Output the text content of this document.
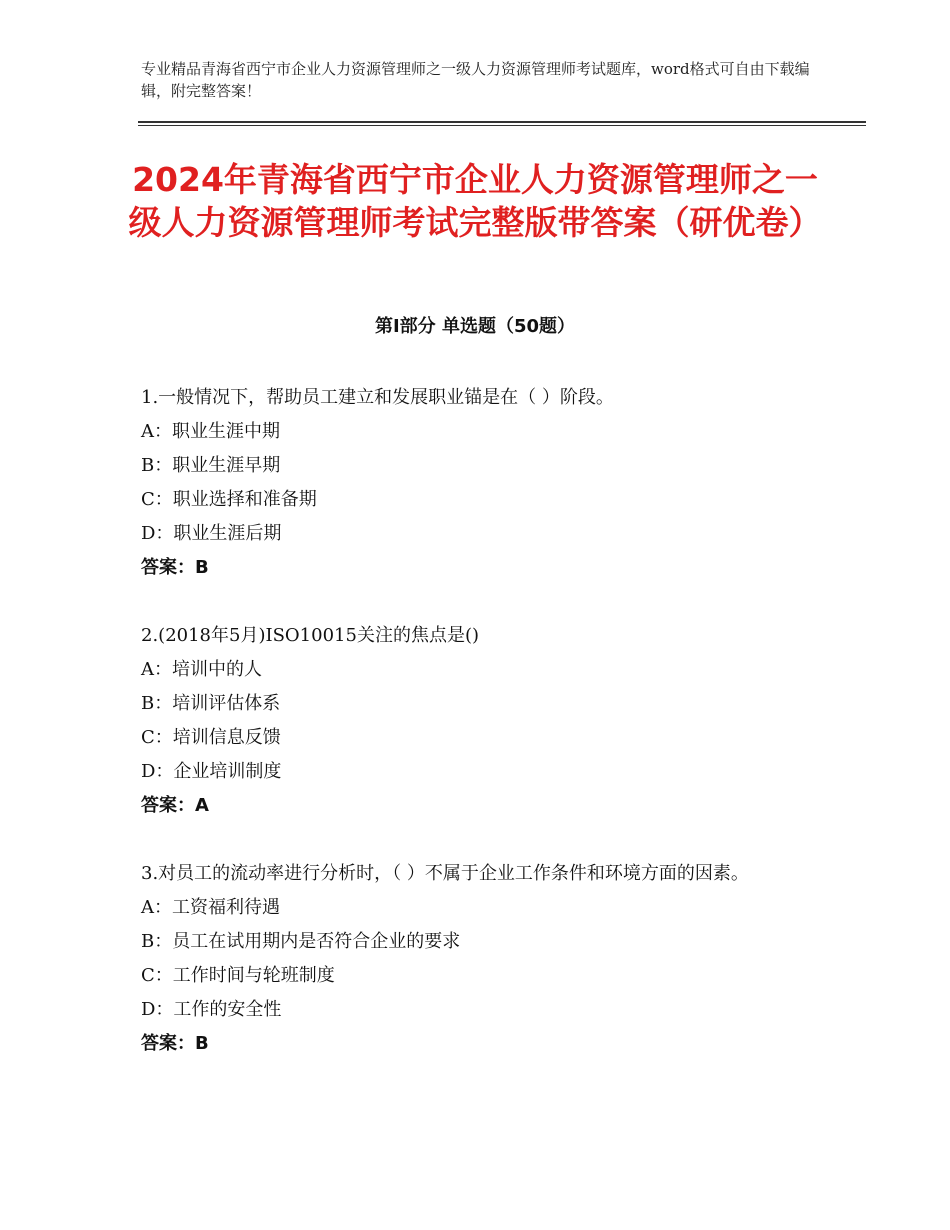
专业精品青海省西宁市企业人力资源管理师之一级人力资源管理师考试题库，word格式可自由下载编辑，附完整答案！
2024年青海省西宁市企业人力资源管理师之一级人力资源管理师考试完整版带答案（研优卷）
第Ⅰ部分 单选题（50题）

1.一般情况下，帮助员工建立和发展职业锚是在（ ）阶段。

A：职业生涯中期

B：职业生涯早期

C：职业选择和准备期

D：职业生涯后期

答案：B

2.(2018年5月)ISO10015关注的焦点是()

A：培训中的人

B：培训评估体系

C：培训信息反馈

D：企业培训制度

答案：A

3.对员工的流动率进行分析时，（ ）不属于企业工作条件和环境方面的因素。

A：工资福利待遇

B：员工在试用期内是否符合企业的要求

C：工作时间与轮班制度

D：工作的安全性

答案：B
